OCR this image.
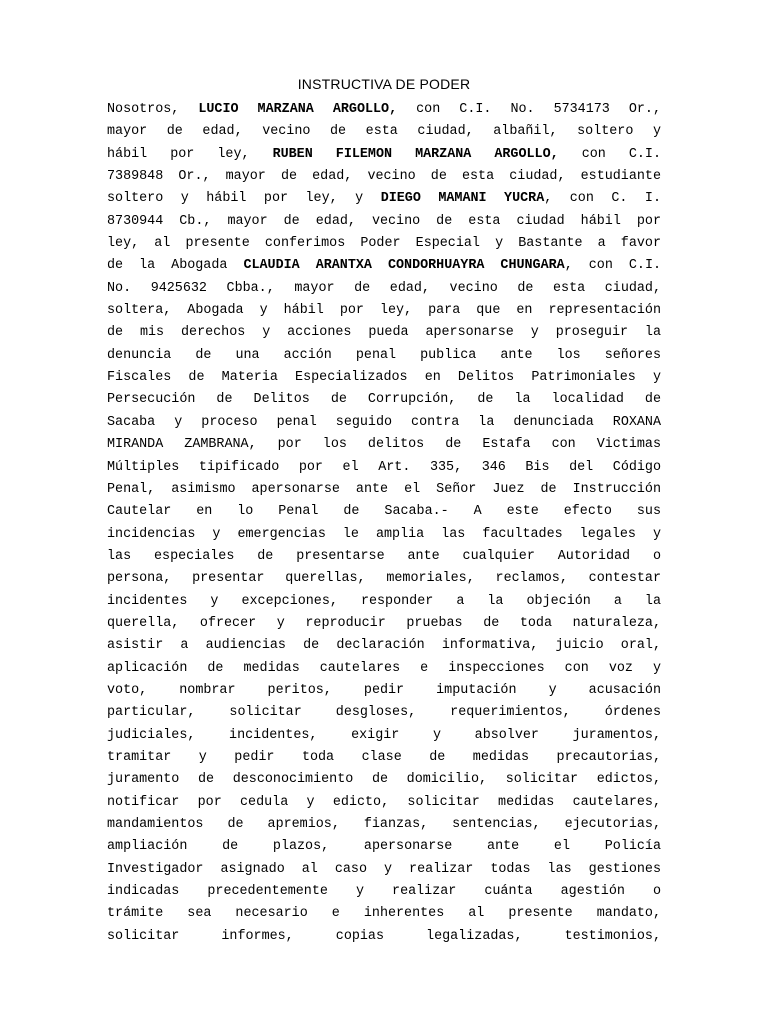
INSTRUCTIVA DE PODER
Nosotros, LUCIO MARZANA ARGOLLO, con C.I. No. 5734173 Or.,
mayor de edad, vecino de esta ciudad, albañil, soltero y
hábil por ley, RUBEN FILEMON MARZANA ARGOLLO, con C.I.
7389848 Or., mayor de edad, vecino de esta ciudad, estudiante
soltero y hábil por ley, y DIEGO MAMANI YUCRA, con C. I.
8730944 Cb., mayor de edad, vecino de esta ciudad hábil por
ley, al presente conferimos Poder Especial y Bastante a favor
de la Abogada CLAUDIA ARANTXA CONDORHUAYRA CHUNGARA, con C.I.
No. 9425632 Cbba., mayor de edad, vecino de esta ciudad,
soltera, Abogada y hábil por ley, para que en representación
de mis derechos y acciones pueda apersonarse y proseguir la
denuncia de una acción penal publica ante los señores
Fiscales de Materia Especializados en Delitos Patrimoniales y
Persecución de Delitos de Corrupción, de la localidad de
Sacaba y proceso penal seguido contra la denunciada ROXANA
MIRANDA ZAMBRANA, por los delitos de Estafa con Victimas
Múltiples tipificado por el Art. 335, 346 Bis del Código
Penal, asimismo apersonarse ante el Señor Juez de Instrucción
Cautelar en lo Penal de Sacaba.- A este efecto sus
incidencias y emergencias le amplia las facultades legales y
las especiales de presentarse ante cualquier Autoridad o
persona, presentar querellas, memoriales, reclamos, contestar
incidentes y excepciones, responder a la objeción a la
querella, ofrecer y reproducir pruebas de toda naturaleza,
asistir a audiencias de declaración informativa, juicio oral,
aplicación de medidas cautelares e inspecciones con voz y
voto, nombrar peritos, pedir imputación y acusación
particular, solicitar desgloses, requerimientos, órdenes
judiciales, incidentes, exigir y absolver juramentos,
tramitar y pedir toda clase de medidas precautorias,
juramento de desconocimiento de domicilio, solicitar edictos,
notificar por cedula y edicto, solicitar medidas cautelares,
mandamientos de apremios, fianzas, sentencias, ejecutorias,
ampliación de plazos, apersonarse ante el Policía
Investigador asignado al caso y realizar todas las gestiones
indicadas precedentemente y realizar cuánta agestión o
trámite sea necesario e inherentes al presente mandato,
solicitar informes, copias legalizadas, testimonios,
